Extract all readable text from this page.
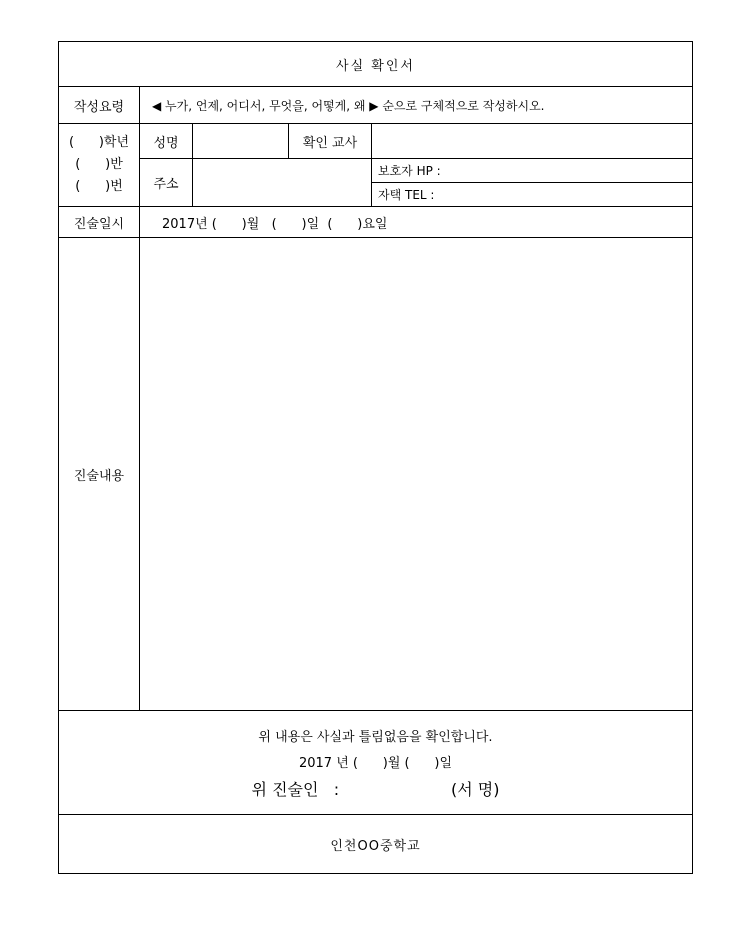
사실 확인서				
작성요령	◀ 누가, 언제, 어디서, 무엇을, 어떻게, 왜 ▶ 순으로 구체적으로 작성하시오.			

(      )학년
(      )반
(      )번	성명		확인 교사	
	주소			보호자 HP :
				자택 TEL :
진술일시	2017년 (      )월   (      )일  (      )요일			
진술내용				

위 내용은 사실과 틀림없음을 확인합니다.
2017 년 (      )월 (      )일
위 진술인   :                      (서 명)				

인천OO중학교				
